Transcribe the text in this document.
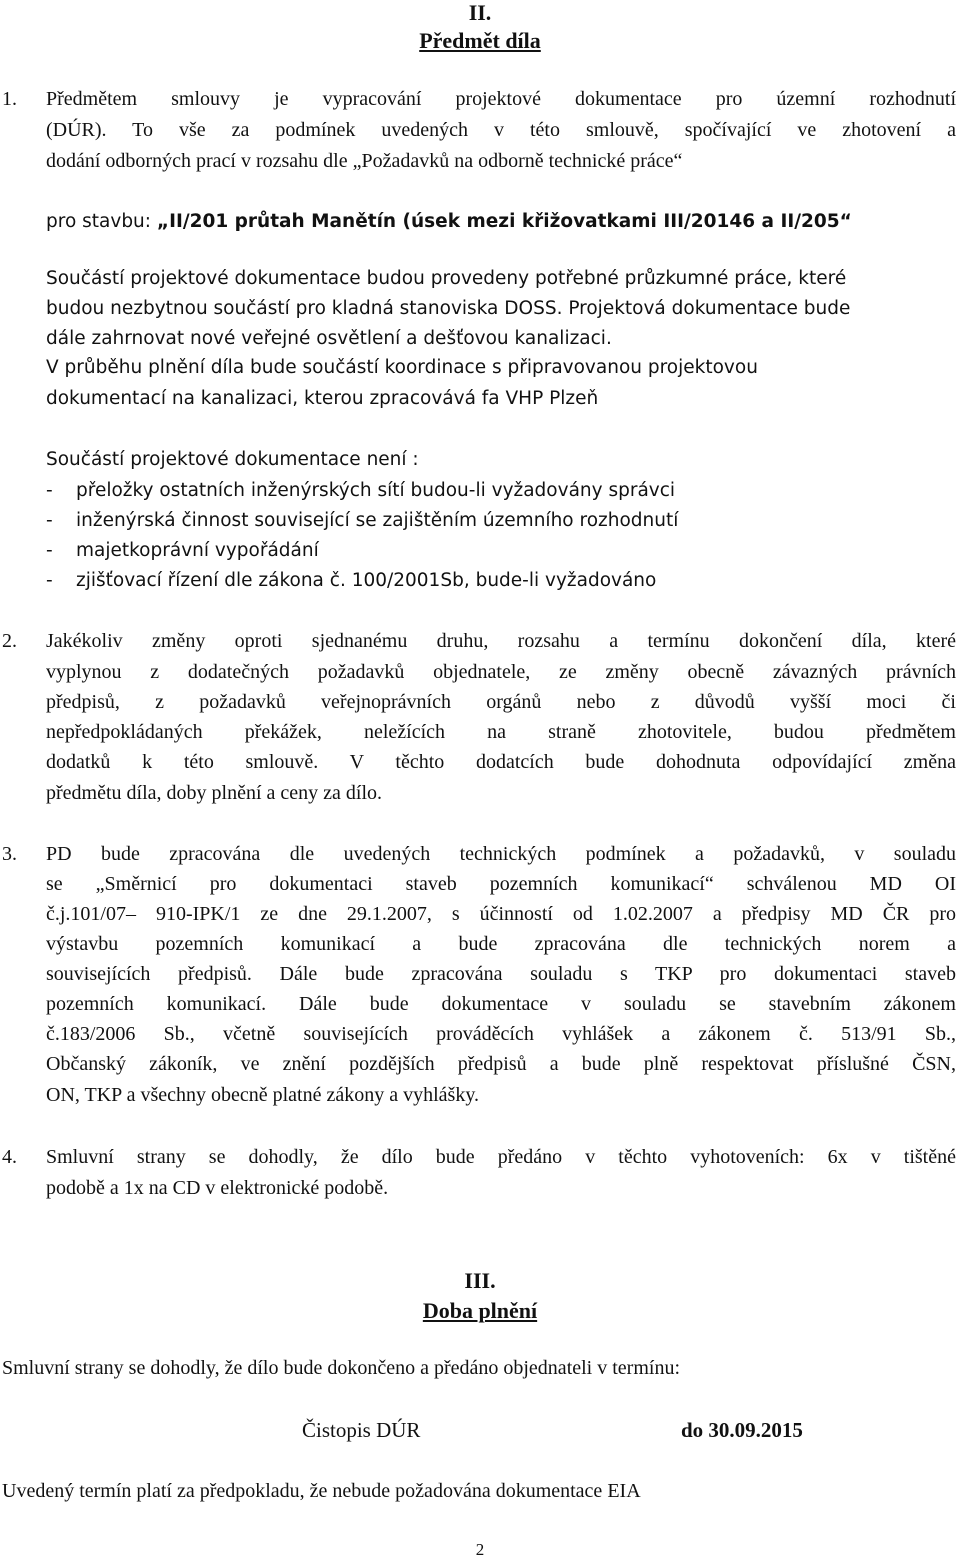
II.
Předmět díla
1. Předmětem smlouvy je vypracování projektové dokumentace pro územní rozhodnutí
(DÚR). To vše za podmínek uvedených v této smlouvě, spočívající ve zhotovení a
dodání odborných prací v rozsahu dle „Požadavků na odborně technické práce“
pro stavbu: „II/201 průtah Manětín (úsek mezi křižovatkami III/20146 a II/205“
Součástí projektové dokumentace budou provedeny potřebné průzkumné práce, které
budou nezbytnou součástí pro kladná stanoviska DOSS. Projektová dokumentace bude
dále zahrnovat nové veřejné osvětlení a dešťovou kanalizaci.
V průběhu plnění díla bude součástí koordinace s připravovanou projektovou
dokumentací na kanalizaci, kterou zpracovává fa VHP Plzeň
Součástí projektové dokumentace není :
- přeložky ostatních inženýrských sítí budou-li vyžadovány správci
- inženýrská činnost související se zajištěním územního rozhodnutí
- majetkoprávní vypořádání
- zjišťovací řízení dle zákona č. 100/2001Sb, bude-li vyžadováno
2. Jakékoliv změny oproti sjednanému druhu, rozsahu a termínu dokončení díla, které
vyplynou z dodatečných požadavků objednatele, ze změny obecně závazných právních
předpisů, z požadavků veřejnoprávních orgánů nebo z důvodů vyšší moci či
nepředpokládaných překážek, neležících na straně zhotovitele, budou předmětem
dodatků k této smlouvě. V těchto dodatcích bude dohodnuta odpovídající změna
předmětu díla, doby plnění a ceny za dílo.
3. PD bude zpracována dle uvedených technických podmínek a požadavků, v souladu
se „Směrnicí pro dokumentaci staveb pozemních komunikací“ schválenou MD OI
č.j.101/07– 910-IPK/1 ze dne 29.1.2007, s účinností od 1.02.2007 a předpisy MD ČR pro
výstavbu pozemních komunikací a bude zpracována dle technických norem a
souvisejících předpisů. Dále bude zpracována souladu s TKP pro dokumentaci staveb
pozemních komunikací. Dále bude dokumentace v souladu se stavebním zákonem
č.183/2006 Sb., včetně souvisejících prováděcích vyhlášek a zákonem č. 513/91 Sb.,
Občanský zákoník, ve znění pozdějších předpisů a bude plně respektovat příslušné ČSN,
ON, TKP a všechny obecně platné zákony a vyhlášky.
4. Smluvní strany se dohodly, že dílo bude předáno v těchto vyhotoveních: 6x v tištěné
podobě a 1x na CD v elektronické podobě.
III.
Doba plnění
Smluvní strany se dohodly, že dílo bude dokončeno a předáno objednateli v termínu:
Čistopis DÚR	do 30.09.2015
Uvedený termín platí za předpokladu, že nebude požadována dokumentace EIA
2
